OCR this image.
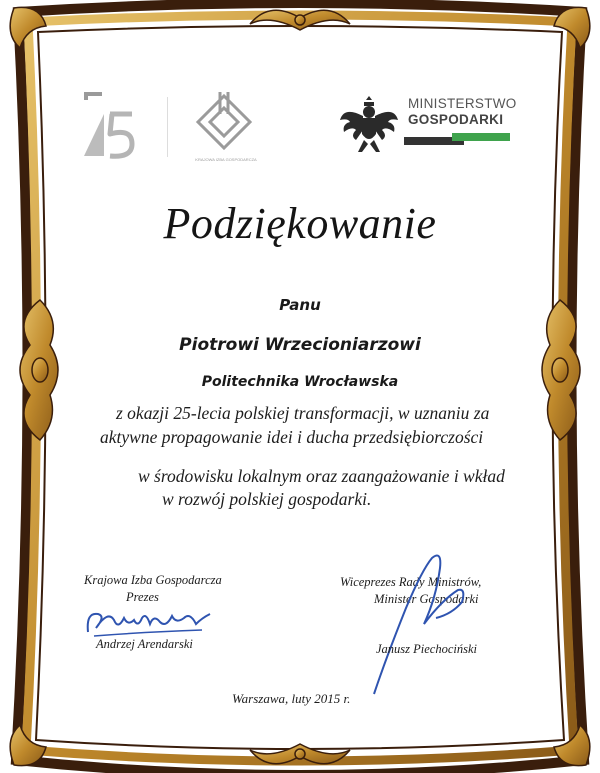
KRAJOWA IZBA GOSPODARCZA
MINISTERSTWO
GOSPODARKI
Podziękowanie
Panu
Piotrowi Wrzecioniarzowi
Politechnika Wrocławska
z okazji 25-lecia polskiej transformacji, w uznaniu za
aktywne propagowanie idei i ducha przedsiębiorczości
w środowisku lokalnym oraz zaangażowanie i wkład
w rozwój polskiej gospodarki.
Krajowa Izba Gospodarcza
Prezes
Andrzej Arendarski
Wiceprezes Rady Ministrów,
Minister Gospodarki
Janusz Piechociński
Warszawa, luty 2015 r.
